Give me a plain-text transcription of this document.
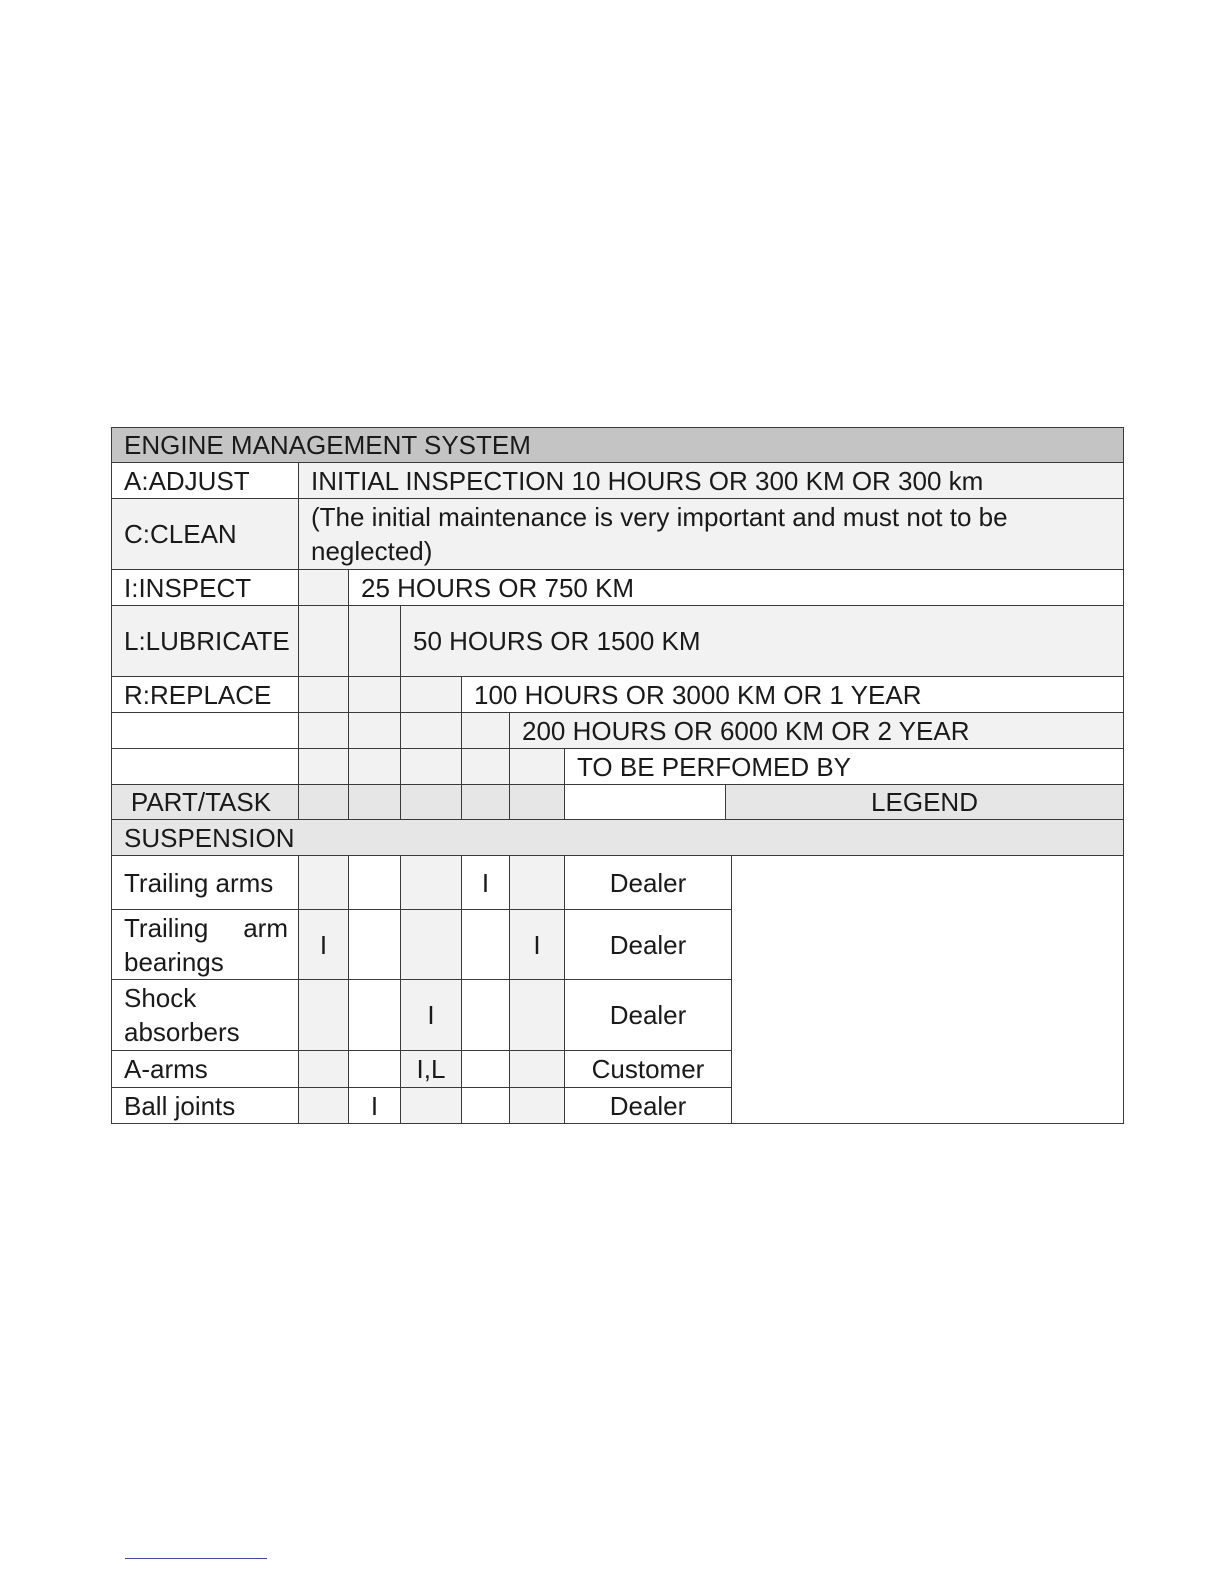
ENGINE MANAGEMENT SYSTEM								
A:ADJUST	INITIAL INSPECTION 10 HOURS OR 300 KM OR 300 km							
C:CLEAN	(The initial maintenance is very important and must not to be neglected)							
I:INSPECT		25 HOURS OR 750 KM						
L:LUBRICATE			50 HOURS OR 1500 KM					
R:REPLACE				100 HOURS OR 3000 KM OR 1 YEAR				
					200 HOURS OR 6000 KM OR 2 YEAR			
						TO BE PERFOMED BY		
PART/TASK							LEGEND	
SUSPENSION								
Trailing arms				I		Dealer		
Trailing arm bearings	I				I	Dealer		
Shock absorbers			I			Dealer		
A-arms			I,L			Customer		
Ball joints		I				Dealer		
